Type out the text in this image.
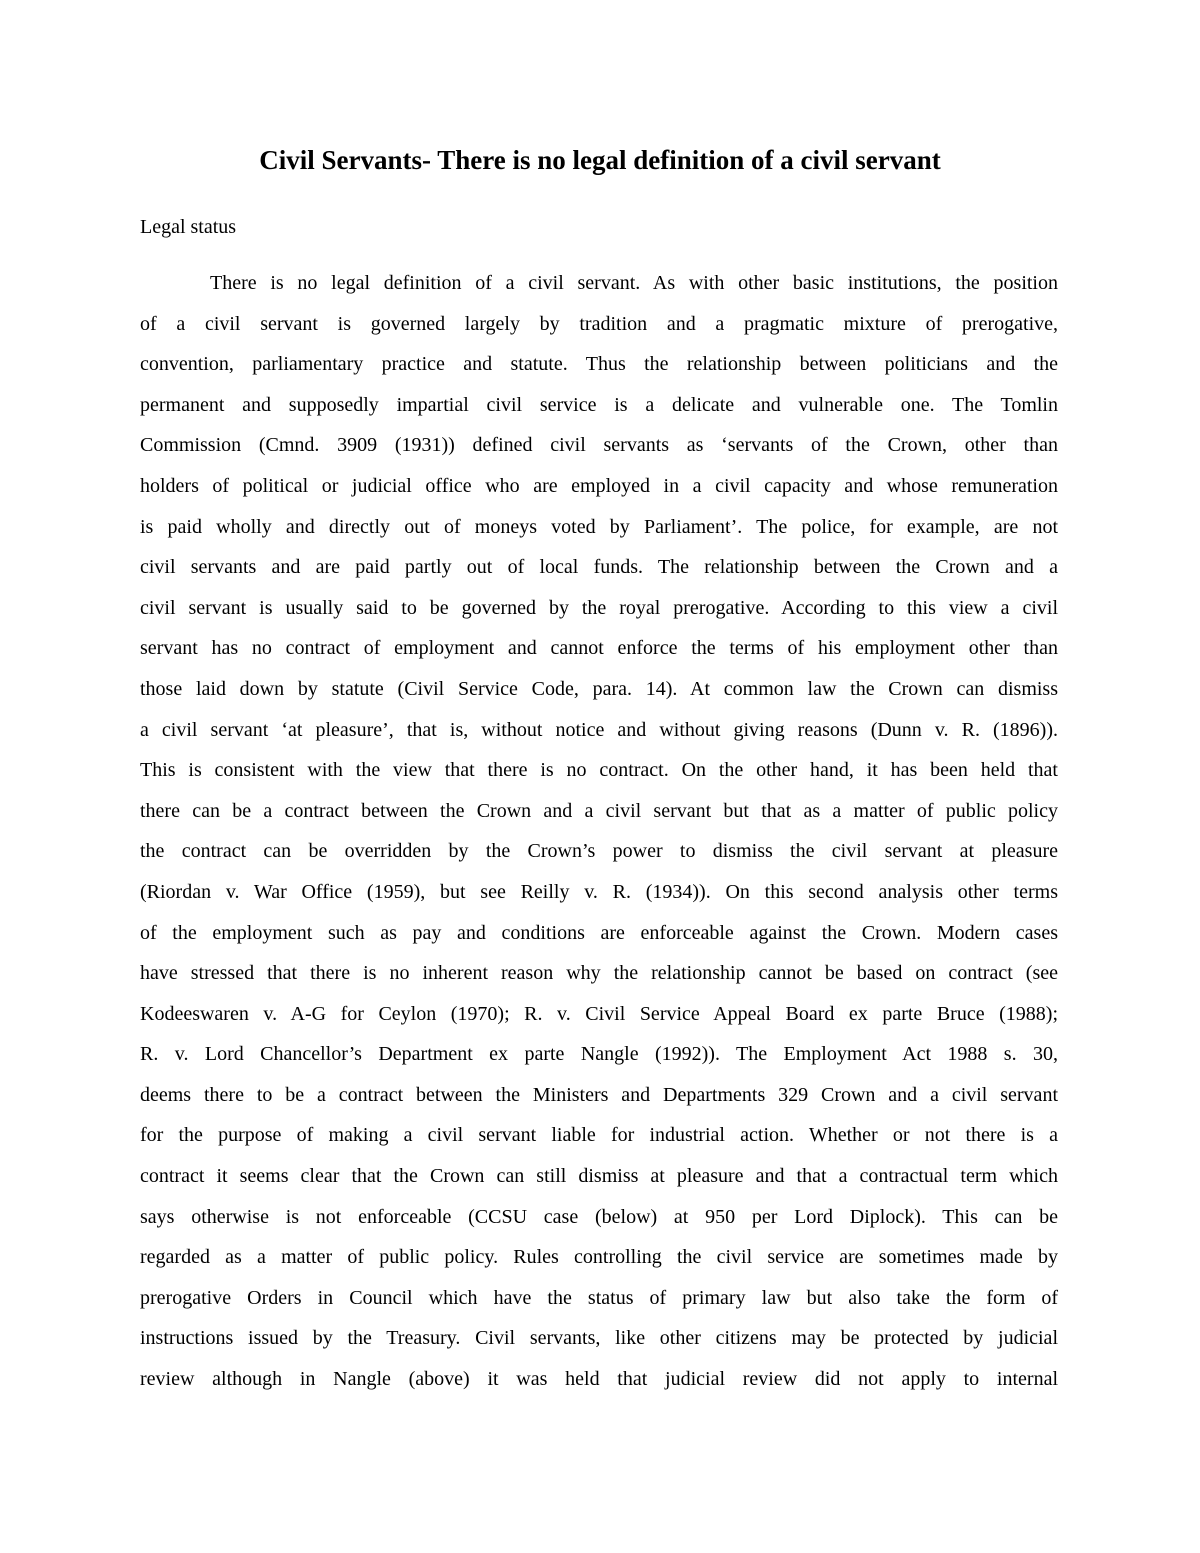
Civil Servants- There is no legal definition of a civil servant
Legal status
There is no legal definition of a civil servant. As with other basic institutions, the position
of a civil servant is governed largely by tradition and a pragmatic mixture of prerogative,
convention, parliamentary practice and statute. Thus the relationship between politicians and the
permanent and supposedly impartial civil service is a delicate and vulnerable one. The Tomlin
Commission (Cmnd. 3909 (1931)) defined civil servants as ‘servants of the Crown, other than
holders of political or judicial office who are employed in a civil capacity and whose remuneration
is paid wholly and directly out of moneys voted by Parliament’. The police, for example, are not
civil servants and are paid partly out of local funds. The relationship between the Crown and a
civil servant is usually said to be governed by the royal prerogative. According to this view a civil
servant has no contract of employment and cannot enforce the terms of his employment other than
those laid down by statute (Civil Service Code, para. 14). At common law the Crown can dismiss
a civil servant ‘at pleasure’, that is, without notice and without giving reasons (Dunn v. R. (1896)).
This is consistent with the view that there is no contract. On the other hand, it has been held that
there can be a contract between the Crown and a civil servant but that as a matter of public policy
the contract can be overridden by the Crown’s power to dismiss the civil servant at pleasure
(Riordan v. War Office (1959), but see Reilly v. R. (1934)). On this second analysis other terms
of the employment such as pay and conditions are enforceable against the Crown. Modern cases
have stressed that there is no inherent reason why the relationship cannot be based on contract (see
Kodeeswaren v. A-G for Ceylon (1970); R. v. Civil Service Appeal Board ex parte Bruce (1988);
R. v. Lord Chancellor’s Department ex parte Nangle (1992)). The Employment Act 1988 s. 30,
deems there to be a contract between the Ministers and Departments 329 Crown and a civil servant
for the purpose of making a civil servant liable for industrial action. Whether or not there is a
contract it seems clear that the Crown can still dismiss at pleasure and that a contractual term which
says otherwise is not enforceable (CCSU case (below) at 950 per Lord Diplock). This can be
regarded as a matter of public policy. Rules controlling the civil service are sometimes made by
prerogative Orders in Council which have the status of primary law but also take the form of
instructions issued by the Treasury. Civil servants, like other citizens may be protected by judicial
review although in Nangle (above) it was held that judicial review did not apply to internal
